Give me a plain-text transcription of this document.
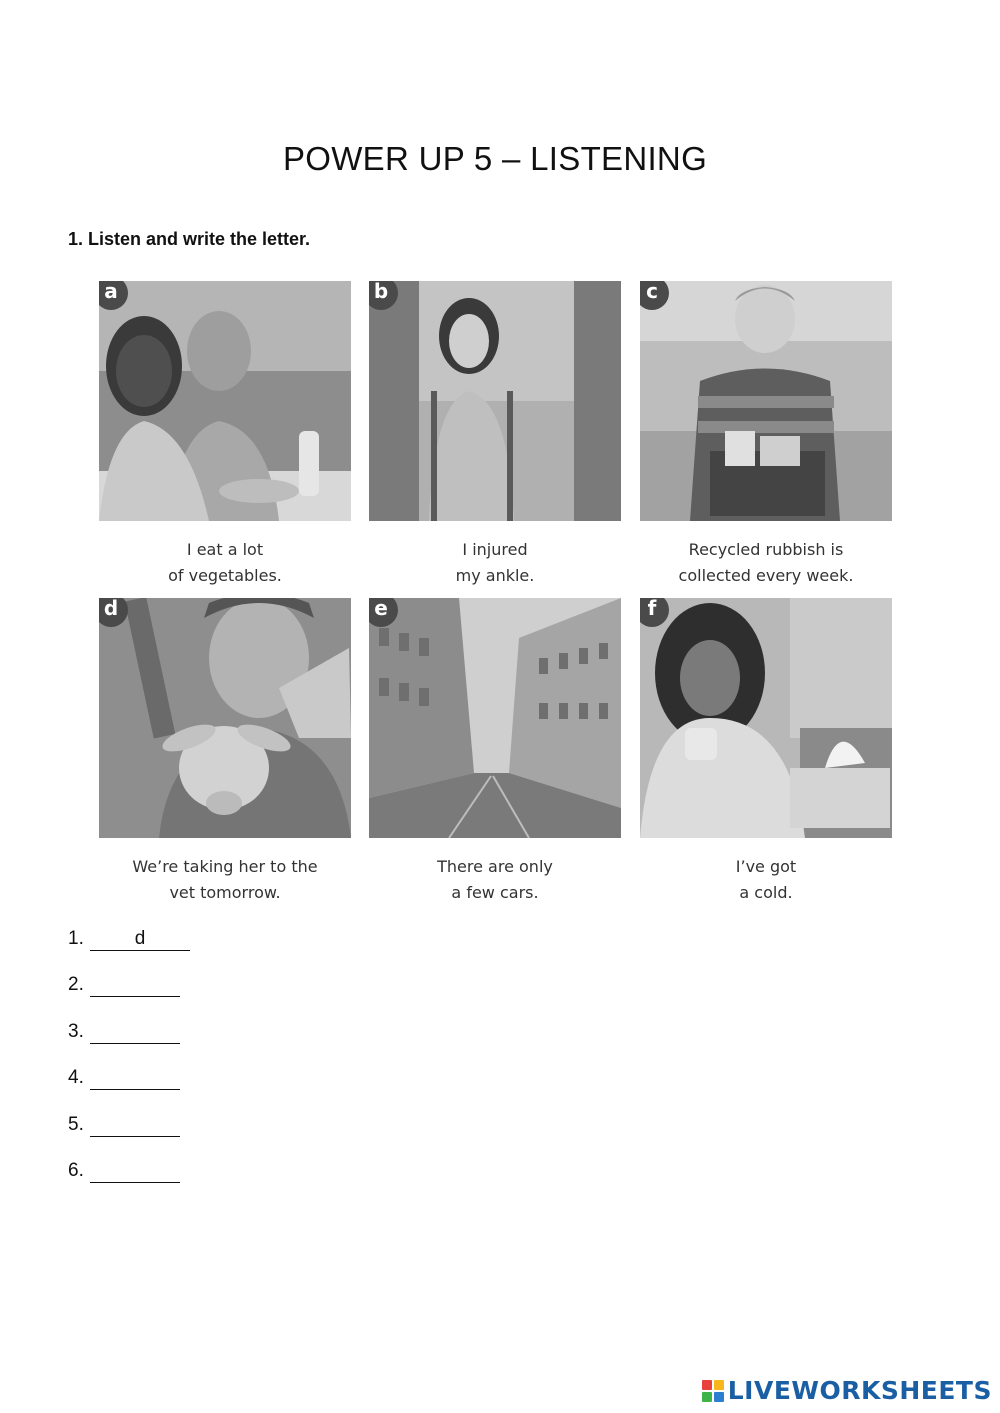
POWER UP 5 – LISTENING
1. Listen and write the letter.
a
I eat a lot
of vegetables.
b
I injured
my ankle.
c
Recycled rubbish is
collected every week.
d
We’re taking her to the
vet tomorrow.
e
There are only
a few cars.
f
I’ve got
a cold.
1.	d
2.
3.
4.
5.
6.
LIVEWORKSHEETS
